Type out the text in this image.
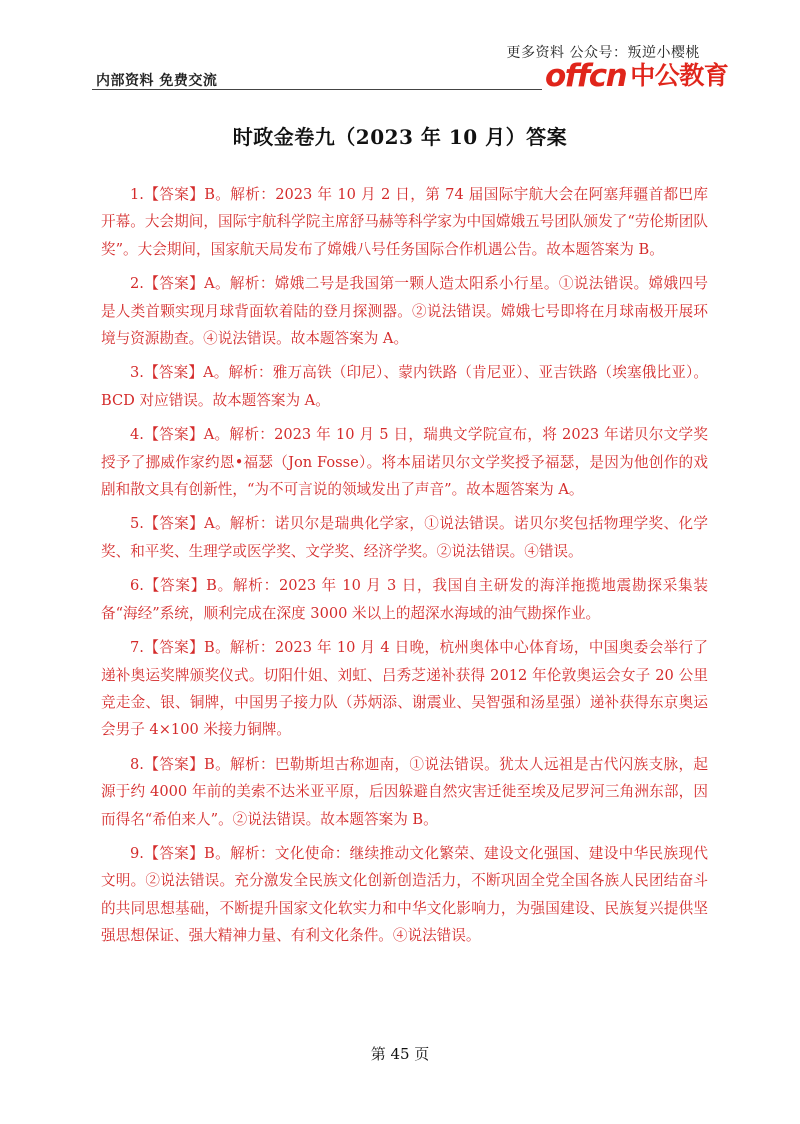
更多资料 公众号：叛逆小樱桃
内部资料 免费交流	offcn 中公教育
时政金卷九（2023 年 10 月）答案

1.【答案】B。解析：2023 年 10 月 2 日，第 74 届国际宇航大会在阿塞拜疆首都巴库开幕。大会期间，国际宇航科学院主席舒马赫等科学家为中国嫦娥五号团队颁发了“劳伦斯团队奖”。大会期间，国家航天局发布了嫦娥八号任务国际合作机遇公告。故本题答案为 B。

2.【答案】A。解析：嫦娥二号是我国第一颗人造太阳系小行星。①说法错误。嫦娥四号是人类首颗实现月球背面软着陆的登月探测器。②说法错误。嫦娥七号即将在月球南极开展环境与资源勘查。④说法错误。故本题答案为 A。

3.【答案】A。解析：雅万高铁（印尼）、蒙内铁路（肯尼亚）、亚吉铁路（埃塞俄比亚）。BCD 对应错误。故本题答案为 A。

4.【答案】A。解析：2023 年 10 月 5 日，瑞典文学院宣布，将 2023 年诺贝尔文学奖授予了挪威作家约恩•福瑟（Jon Fosse）。将本届诺贝尔文学奖授予福瑟，是因为他创作的戏剧和散文具有创新性，“为不可言说的领域发出了声音”。故本题答案为 A。

5.【答案】A。解析：诺贝尔是瑞典化学家，①说法错误。诺贝尔奖包括物理学奖、化学奖、和平奖、生理学或医学奖、文学奖、经济学奖。②说法错误。④错误。

6.【答案】B。解析：2023 年 10 月 3 日，我国自主研发的海洋拖揽地震勘探采集装备“海经”系统，顺利完成在深度 3000 米以上的超深水海域的油气勘探作业。

7.【答案】B。解析：2023 年 10 月 4 日晚，杭州奥体中心体育场，中国奥委会举行了递补奥运奖牌颁奖仪式。切阳什姐、刘虹、吕秀芝递补获得 2012 年伦敦奥运会女子 20 公里竞走金、银、铜牌，中国男子接力队（苏炳添、谢震业、吴智强和汤星强）递补获得东京奥运会男子 4×100 米接力铜牌。

8.【答案】B。解析：巴勒斯坦古称迦南，①说法错误。犹太人远祖是古代闪族支脉，起源于约 4000 年前的美索不达米亚平原，后因躲避自然灾害迁徙至埃及尼罗河三角洲东部，因而得名“希伯来人”。②说法错误。故本题答案为 B。

9.【答案】B。解析：文化使命：继续推动文化繁荣、建设文化强国、建设中华民族现代文明。②说法错误。充分激发全民族文化创新创造活力，不断巩固全党全国各族人民团结奋斗的共同思想基础，不断提升国家文化软实力和中华文化影响力，为强国建设、民族复兴提供坚强思想保证、强大精神力量、有利文化条件。④说法错误。

第 45 页
